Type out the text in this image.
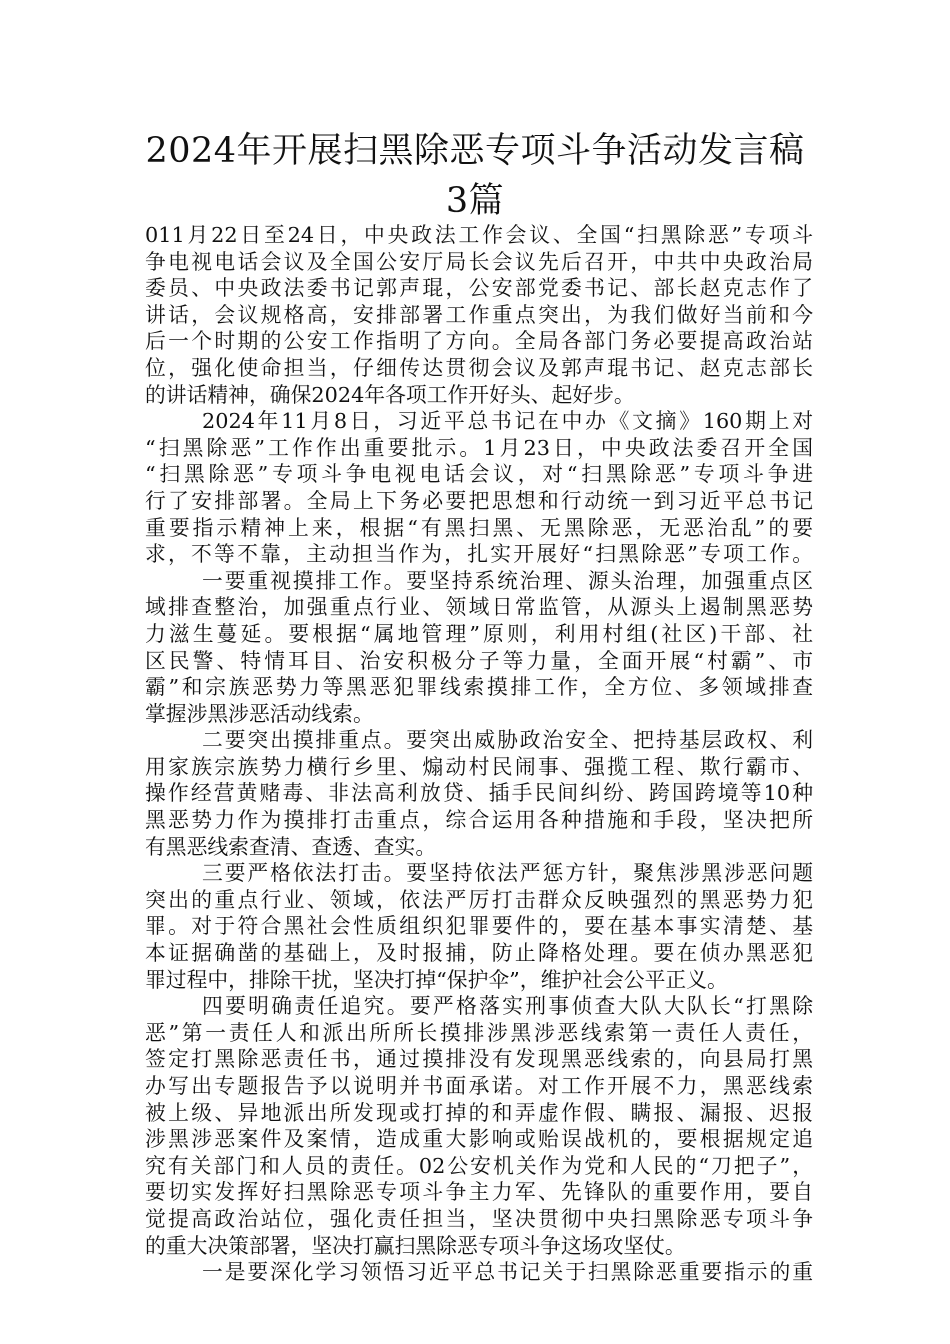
2024年开展扫黑除恶专项斗争活动发言稿
3篇
011月22日至24日，中央政法工作会议、全国“扫黑除恶”专项斗
争电视电话会议及全国公安厅局长会议先后召开，中共中央政治局
委员、中央政法委书记郭声琨，公安部党委书记、部长赵克志作了
讲话，会议规格高，安排部署工作重点突出，为我们做好当前和今
后一个时期的公安工作指明了方向。全局各部门务必要提高政治站
位，强化使命担当，仔细传达贯彻会议及郭声琨书记、赵克志部长
的讲话精神，确保2024年各项工作开好头、起好步。
2024年11月8日，习近平总书记在中办《文摘》160期上对
“扫黑除恶”工作作出重要批示。1月23日，中央政法委召开全国
“扫黑除恶”专项斗争电视电话会议，对“扫黑除恶”专项斗争进
行了安排部署。全局上下务必要把思想和行动统一到习近平总书记
重要指示精神上来，根据“有黑扫黑、无黑除恶，无恶治乱”的要
求，不等不靠，主动担当作为，扎实开展好“扫黑除恶”专项工作。
一要重视摸排工作。要坚持系统治理、源头治理，加强重点区
域排查整治，加强重点行业、领域日常监管，从源头上遏制黑恶势
力滋生蔓延。要根据“属地管理”原则，利用村组(社区)干部、社
区民警、特情耳目、治安积极分子等力量，全面开展“村霸”、市
霸”和宗族恶势力等黑恶犯罪线索摸排工作，全方位、多领域排查
掌握涉黑涉恶活动线索。
二要突出摸排重点。要突出威胁政治安全、把持基层政权、利
用家族宗族势力横行乡里、煽动村民闹事、强揽工程、欺行霸市、
操作经营黄赌毒、非法高利放贷、插手民间纠纷、跨国跨境等10种
黑恶势力作为摸排打击重点，综合运用各种措施和手段，坚决把所
有黑恶线索查清、查透、查实。
三要严格依法打击。要坚持依法严惩方针，聚焦涉黑涉恶问题
突出的重点行业、领域，依法严厉打击群众反映强烈的黑恶势力犯
罪。对于符合黑社会性质组织犯罪要件的，要在基本事实清楚、基
本证据确凿的基础上，及时报捕，防止降格处理。要在侦办黑恶犯
罪过程中，排除干扰，坚决打掉“保护伞”，维护社会公平正义。
四要明确责任追究。要严格落实刑事侦查大队大队长“打黑除
恶”第一责任人和派出所所长摸排涉黑涉恶线索第一责任人责任，
签定打黑除恶责任书，通过摸排没有发现黑恶线索的，向县局打黑
办写出专题报告予以说明并书面承诺。对工作开展不力，黑恶线索
被上级、异地派出所发现或打掉的和弄虚作假、瞒报、漏报、迟报
涉黑涉恶案件及案情，造成重大影响或贻误战机的，要根据规定追
究有关部门和人员的责任。02公安机关作为党和人民的“刀把子”，
要切实发挥好扫黑除恶专项斗争主力军、先锋队的重要作用，要自
觉提高政治站位，强化责任担当，坚决贯彻中央扫黑除恶专项斗争
的重大决策部署，坚决打赢扫黑除恶专项斗争这场攻坚仗。
一是要深化学习领悟习近平总书记关于扫黑除恶重要指示的重
